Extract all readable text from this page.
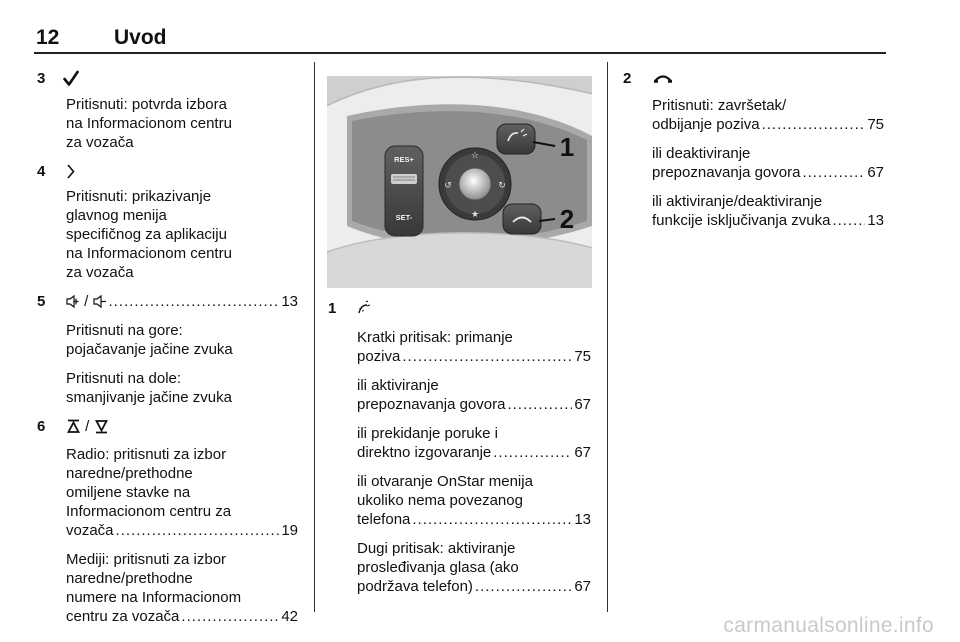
12	Uvod
3
Pritisnuti: potvrda izbora
na Informacionom centru
za vozača
4
Pritisnuti: prikazivanje
glavnog menija
specifičnog za aplikaciju
na Informacionom centru
za vozača
5	/ .....	13
Pritisnuti na gore:
pojačavanje jačine zvuka
Pritisnuti na dole:
smanjivanje jačine zvuka
6	/
Radio: pritisnuti za izbor
naredne/prethodne
omiljene stavke na
Informacionom centru za
vozača .....	19
Mediji: pritisnuti za izbor
naredne/prethodne
numere na Informacionom
centru za vozača .....	42
RES+
SET-
☆
★
↺	↻
1
2
1
Kratki pritisak: primanje
poziva .....	75
ili aktiviranje
prepoznavanja govora .....	67
ili prekidanje poruke i
direktno izgovaranje .....	67
ili otvaranje OnStar menija
ukoliko nema povezanog
telefona .....	13
Dugi pritisak: aktiviranje
prosleđivanja glasa (ako
podržava telefon) .....	67
2
Pritisnuti: završetak/
odbijanje poziva .....	75
ili deaktiviranje
prepoznavanja govora .....	67
ili aktiviranje/deaktiviranje
funkcije isključivanja zvuka ..... 13
carmanualsonline.info
